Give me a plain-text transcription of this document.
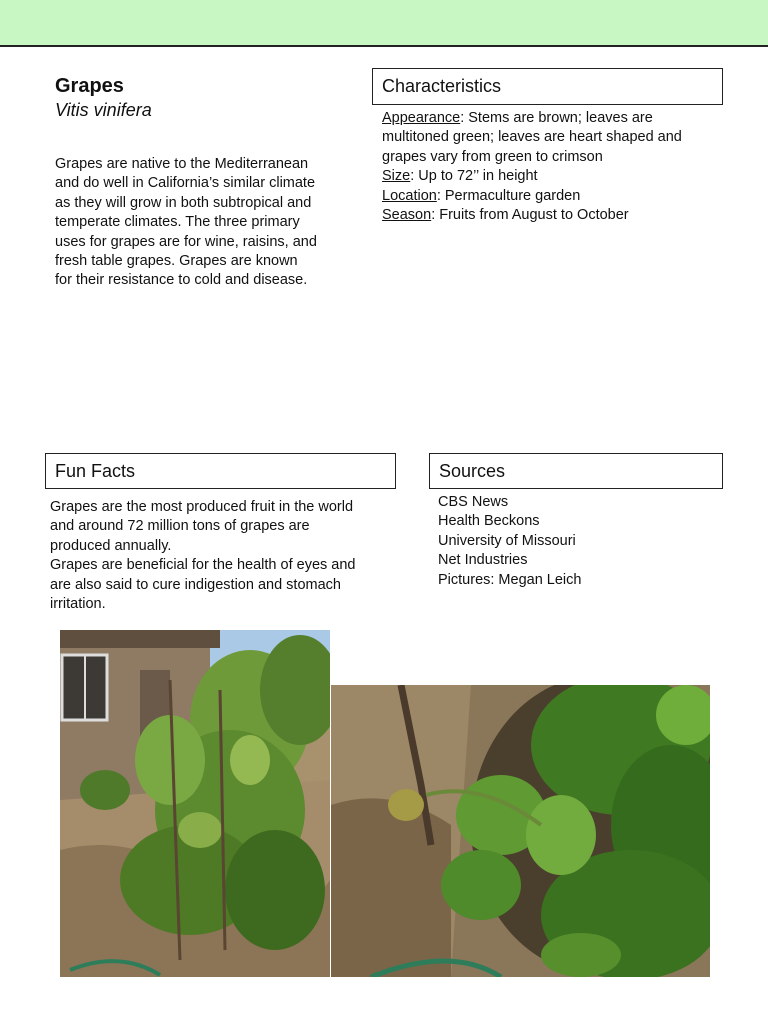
Grapes
Vitis vinifera
Grapes are native to the Mediterranean
and do well in California’s similar climate
as they will grow in both subtropical and
temperate climates. The three primary
uses for grapes are for wine, raisins, and
fresh table grapes. Grapes are known
for their resistance to cold and disease.
Characteristics
Appearance: Stems are brown; leaves are
multitoned green; leaves are heart shaped and
grapes vary from green to crimson
Size: Up to 72’’ in height
Location: Permaculture garden
Season: Fruits from August to October
Fun Facts
Grapes are the most produced fruit in the world
and around 72 million tons of grapes are
produced annually.
Grapes are beneficial for the health of eyes and
are also said to cure indigestion and stomach
irritation.
Sources
CBS News
Health Beckons
University of Missouri
Net Industries
Pictures: Megan Leich
